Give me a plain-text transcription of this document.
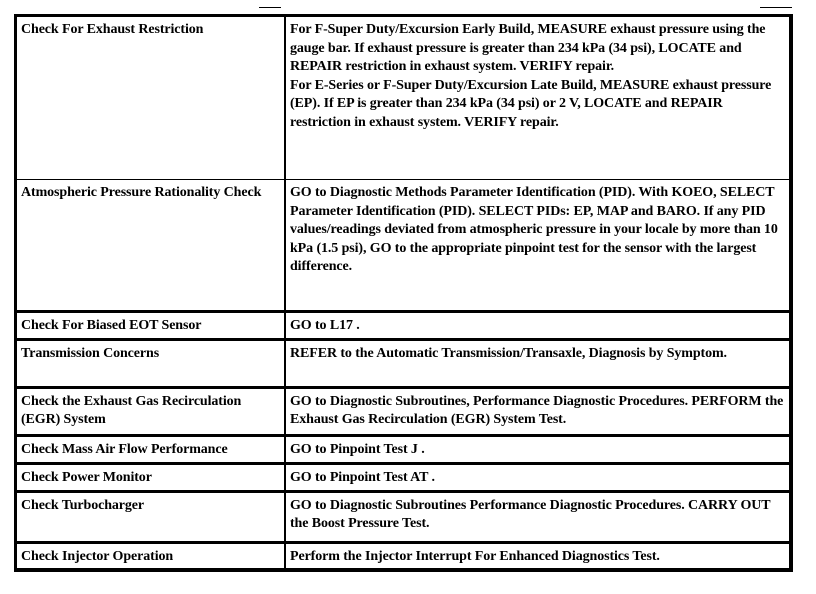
Check For Exhaust Restriction	For F-Super Duty/Excursion Early Build, MEASURE exhaust pressure using the gauge bar. If exhaust pressure is greater than 234 kPa (34 psi), LOCATE and REPAIR restriction in exhaust system. VERIFY repair.
For E-Series or F-Super Duty/Excursion Late Build, MEASURE exhaust pressure (EP). If EP is greater than 234 kPa (34 psi) or 2 V, LOCATE and REPAIR restriction in exhaust system. VERIFY repair.

Atmospheric Pressure Rationality Check	GO to Diagnostic Methods Parameter Identification (PID). With KOEO, SELECT Parameter Identification (PID). SELECT PIDs: EP, MAP and BARO. If any PID values/readings deviated from atmospheric pressure in your locale by more than 10 kPa (1.5 psi), GO to the appropriate pinpoint test for the sensor with the largest difference.

Check For Biased EOT Sensor	GO to L17 .

Transmission Concerns	REFER to the Automatic Transmission/Transaxle, Diagnosis by Symptom.

Check the Exhaust Gas Recirculation (EGR) System	GO to Diagnostic Subroutines, Performance Diagnostic Procedures. PERFORM the Exhaust Gas Recirculation (EGR) System Test.

Check Mass Air Flow Performance	GO to Pinpoint Test J .

Check Power Monitor	GO to Pinpoint Test AT .

Check Turbocharger	GO to Diagnostic Subroutines Performance Diagnostic Procedures. CARRY OUT the Boost Pressure Test.

Check Injector Operation	Perform the Injector Interrupt For Enhanced Diagnostics Test.
